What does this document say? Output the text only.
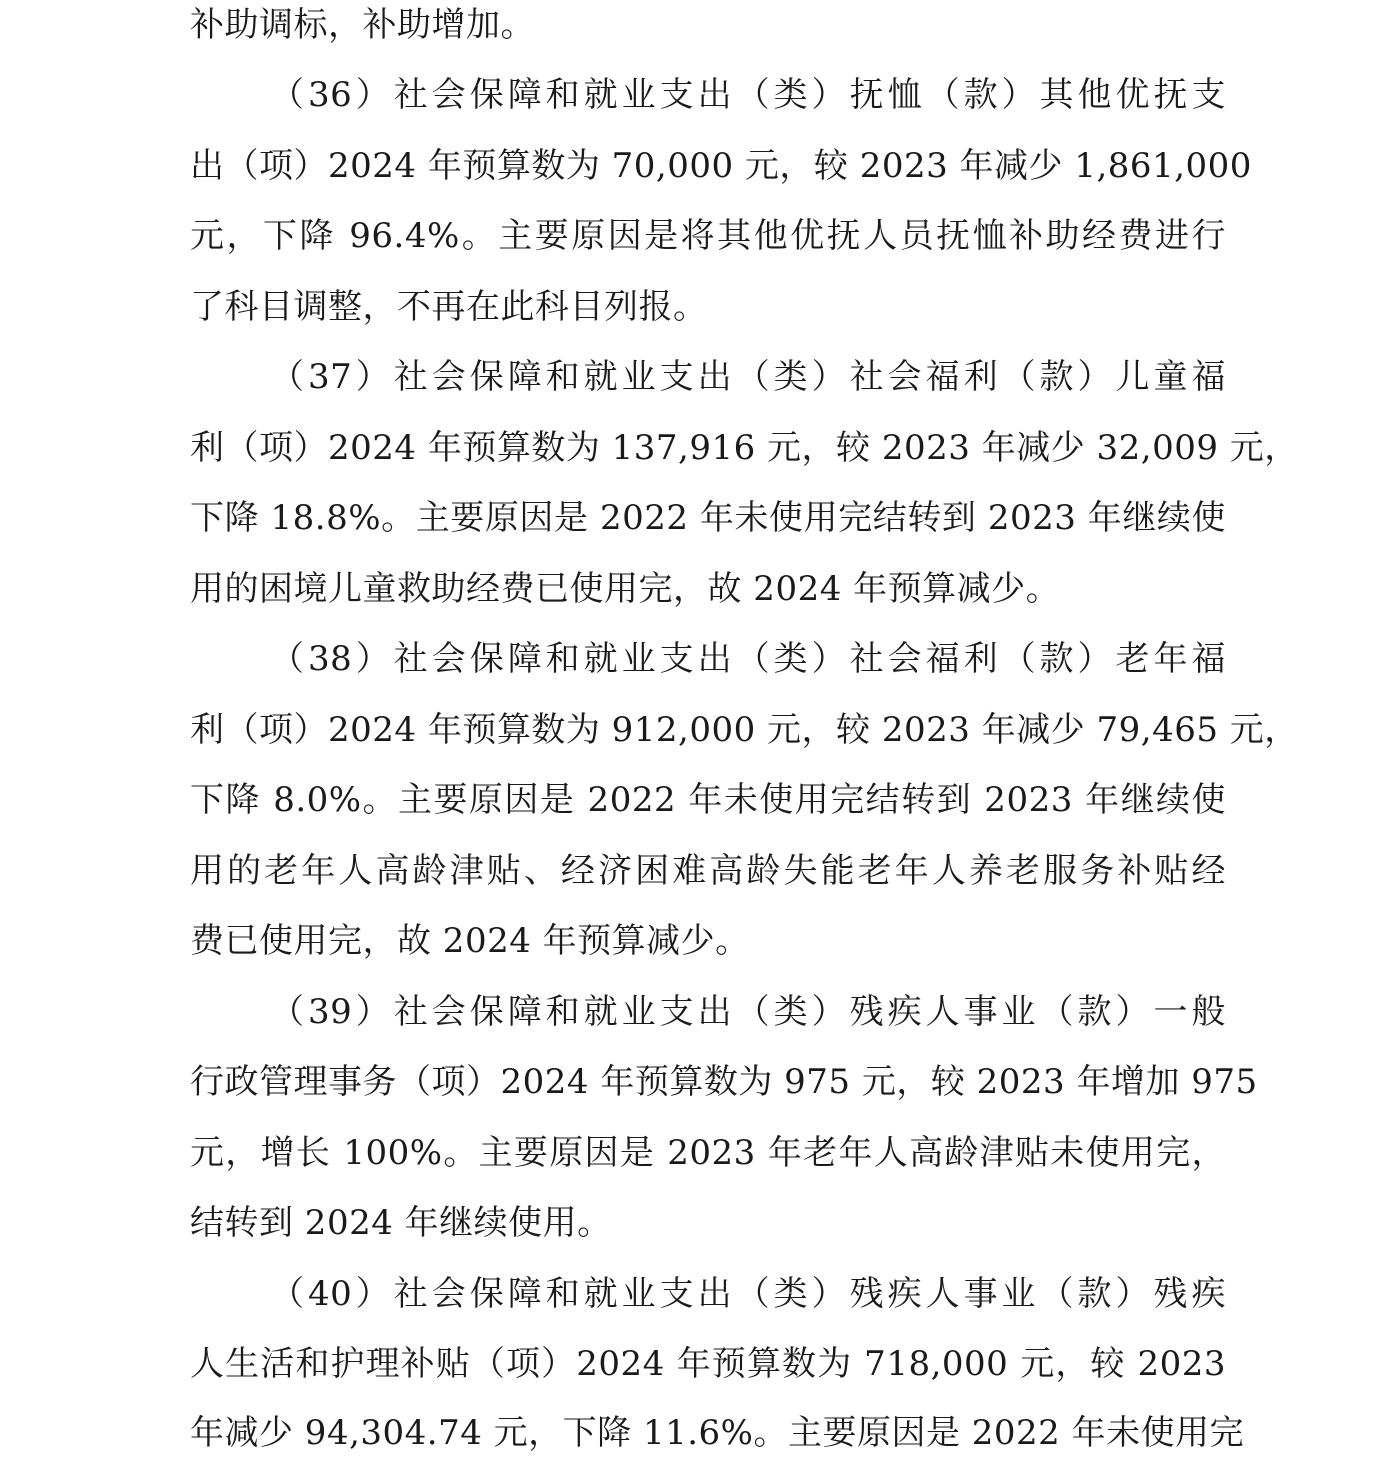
补助调标，补助增加。
（36）社会保障和就业支出（类）抚恤（款）其他优抚支
出（项）2024 年预算数为 70,000 元，较 2023 年减少 1,861,000
元，下降 96.4%。主要原因是将其他优抚人员抚恤补助经费进行
了科目调整，不再在此科目列报。
（37）社会保障和就业支出（类）社会福利（款）儿童福
利（项）2024 年预算数为 137,916 元，较 2023 年减少 32,009 元，
下降 18.8%。主要原因是 2022 年未使用完结转到 2023 年继续使
用的困境儿童救助经费已使用完，故 2024 年预算减少。
（38）社会保障和就业支出（类）社会福利（款）老年福
利（项）2024 年预算数为 912,000 元，较 2023 年减少 79,465 元，
下降 8.0%。主要原因是 2022 年未使用完结转到 2023 年继续使
用的老年人高龄津贴、经济困难高龄失能老年人养老服务补贴经
费已使用完，故 2024 年预算减少。
（39）社会保障和就业支出（类）残疾人事业（款）一般
行政管理事务（项）2024 年预算数为 975 元，较 2023 年增加 975
元，增长 100%。主要原因是 2023 年老年人高龄津贴未使用完，
结转到 2024 年继续使用。
（40）社会保障和就业支出（类）残疾人事业（款）残疾
人生活和护理补贴（项）2024 年预算数为 718,000 元，较 2023
年减少 94,304.74 元，下降 11.6%。主要原因是 2022 年未使用完
